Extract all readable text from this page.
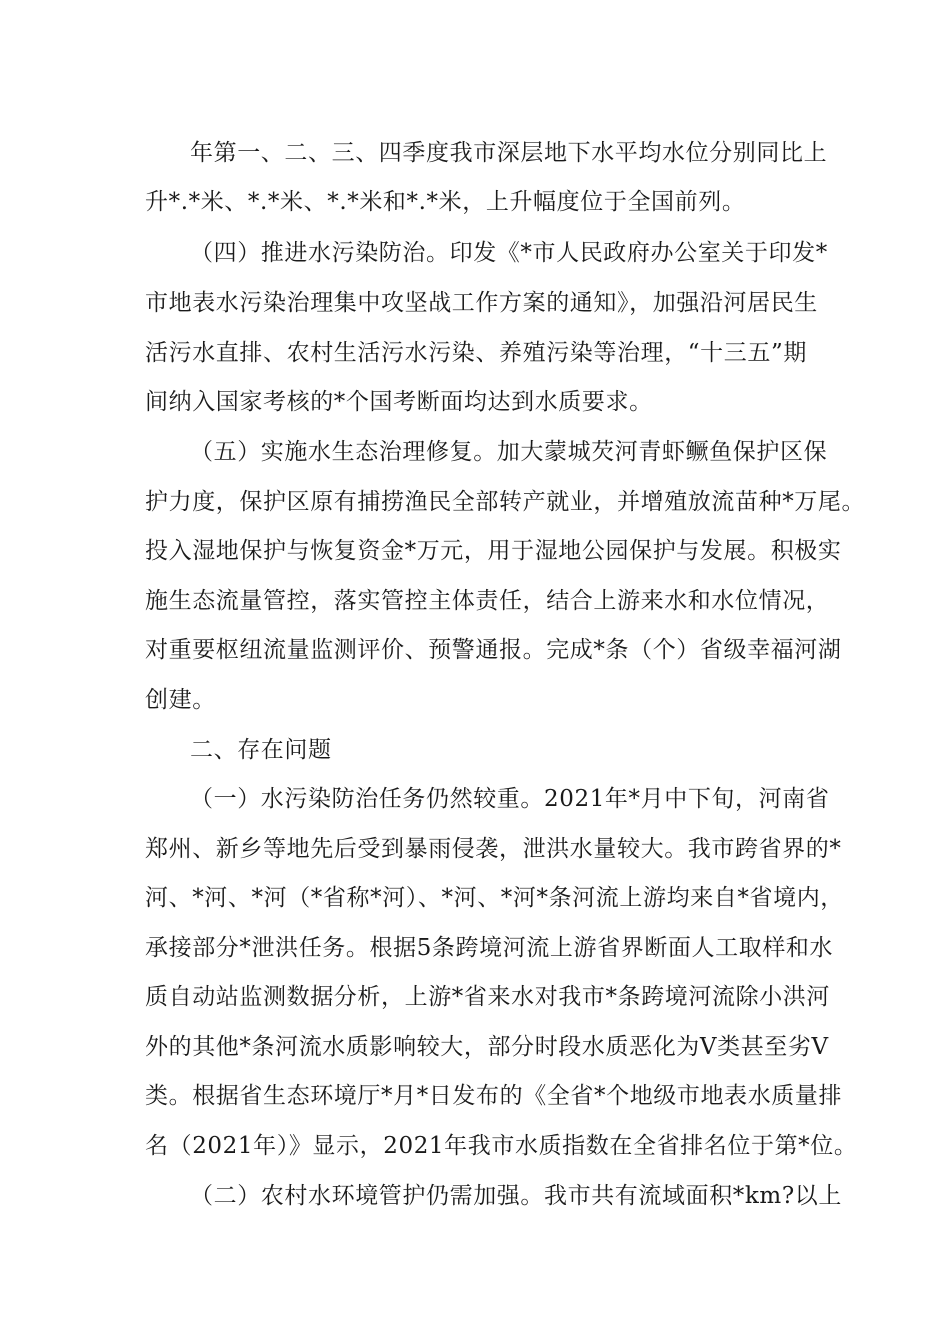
年第一、二、三、四季度我市深层地下水平均水位分别同比上
升*.*米、*.*米、*.*米和*.*米，上升幅度位于全国前列。
（四）推进水污染防治。印发《*市人民政府办公室关于印发*
市地表水污染治理集中攻坚战工作方案的通知》，加强沿河居民生
活污水直排、农村生活污水污染、养殖污染等治理，“十三五”期
间纳入国家考核的*个国考断面均达到水质要求。
（五）实施水生态治理修复。加大蒙城芡河青虾鳜鱼保护区保
护力度，保护区原有捕捞渔民全部转产就业，并增殖放流苗种*万尾。
投入湿地保护与恢复资金*万元，用于湿地公园保护与发展。积极实
施生态流量管控，落实管控主体责任，结合上游来水和水位情况，
对重要枢纽流量监测评价、预警通报。完成*条（个）省级幸福河湖
创建。
二、存在问题
（一）水污染防治任务仍然较重。2021年*月中下旬，河南省
郑州、新乡等地先后受到暴雨侵袭，泄洪水量较大。我市跨省界的*
河、*河、*河（*省称*河）、*河、*河*条河流上游均来自*省境内，
承接部分*泄洪任务。根据5条跨境河流上游省界断面人工取样和水
质自动站监测数据分析，上游*省来水对我市*条跨境河流除小洪河
外的其他*条河流水质影响较大，部分时段水质恶化为Ⅴ类甚至劣Ⅴ
类。根据省生态环境厅*月*日发布的《全省*个地级市地表水质量排
名（2021年）》显示，2021年我市水质指数在全省排名位于第*位。
（二）农村水环境管护仍需加强。我市共有流域面积*km?以上
